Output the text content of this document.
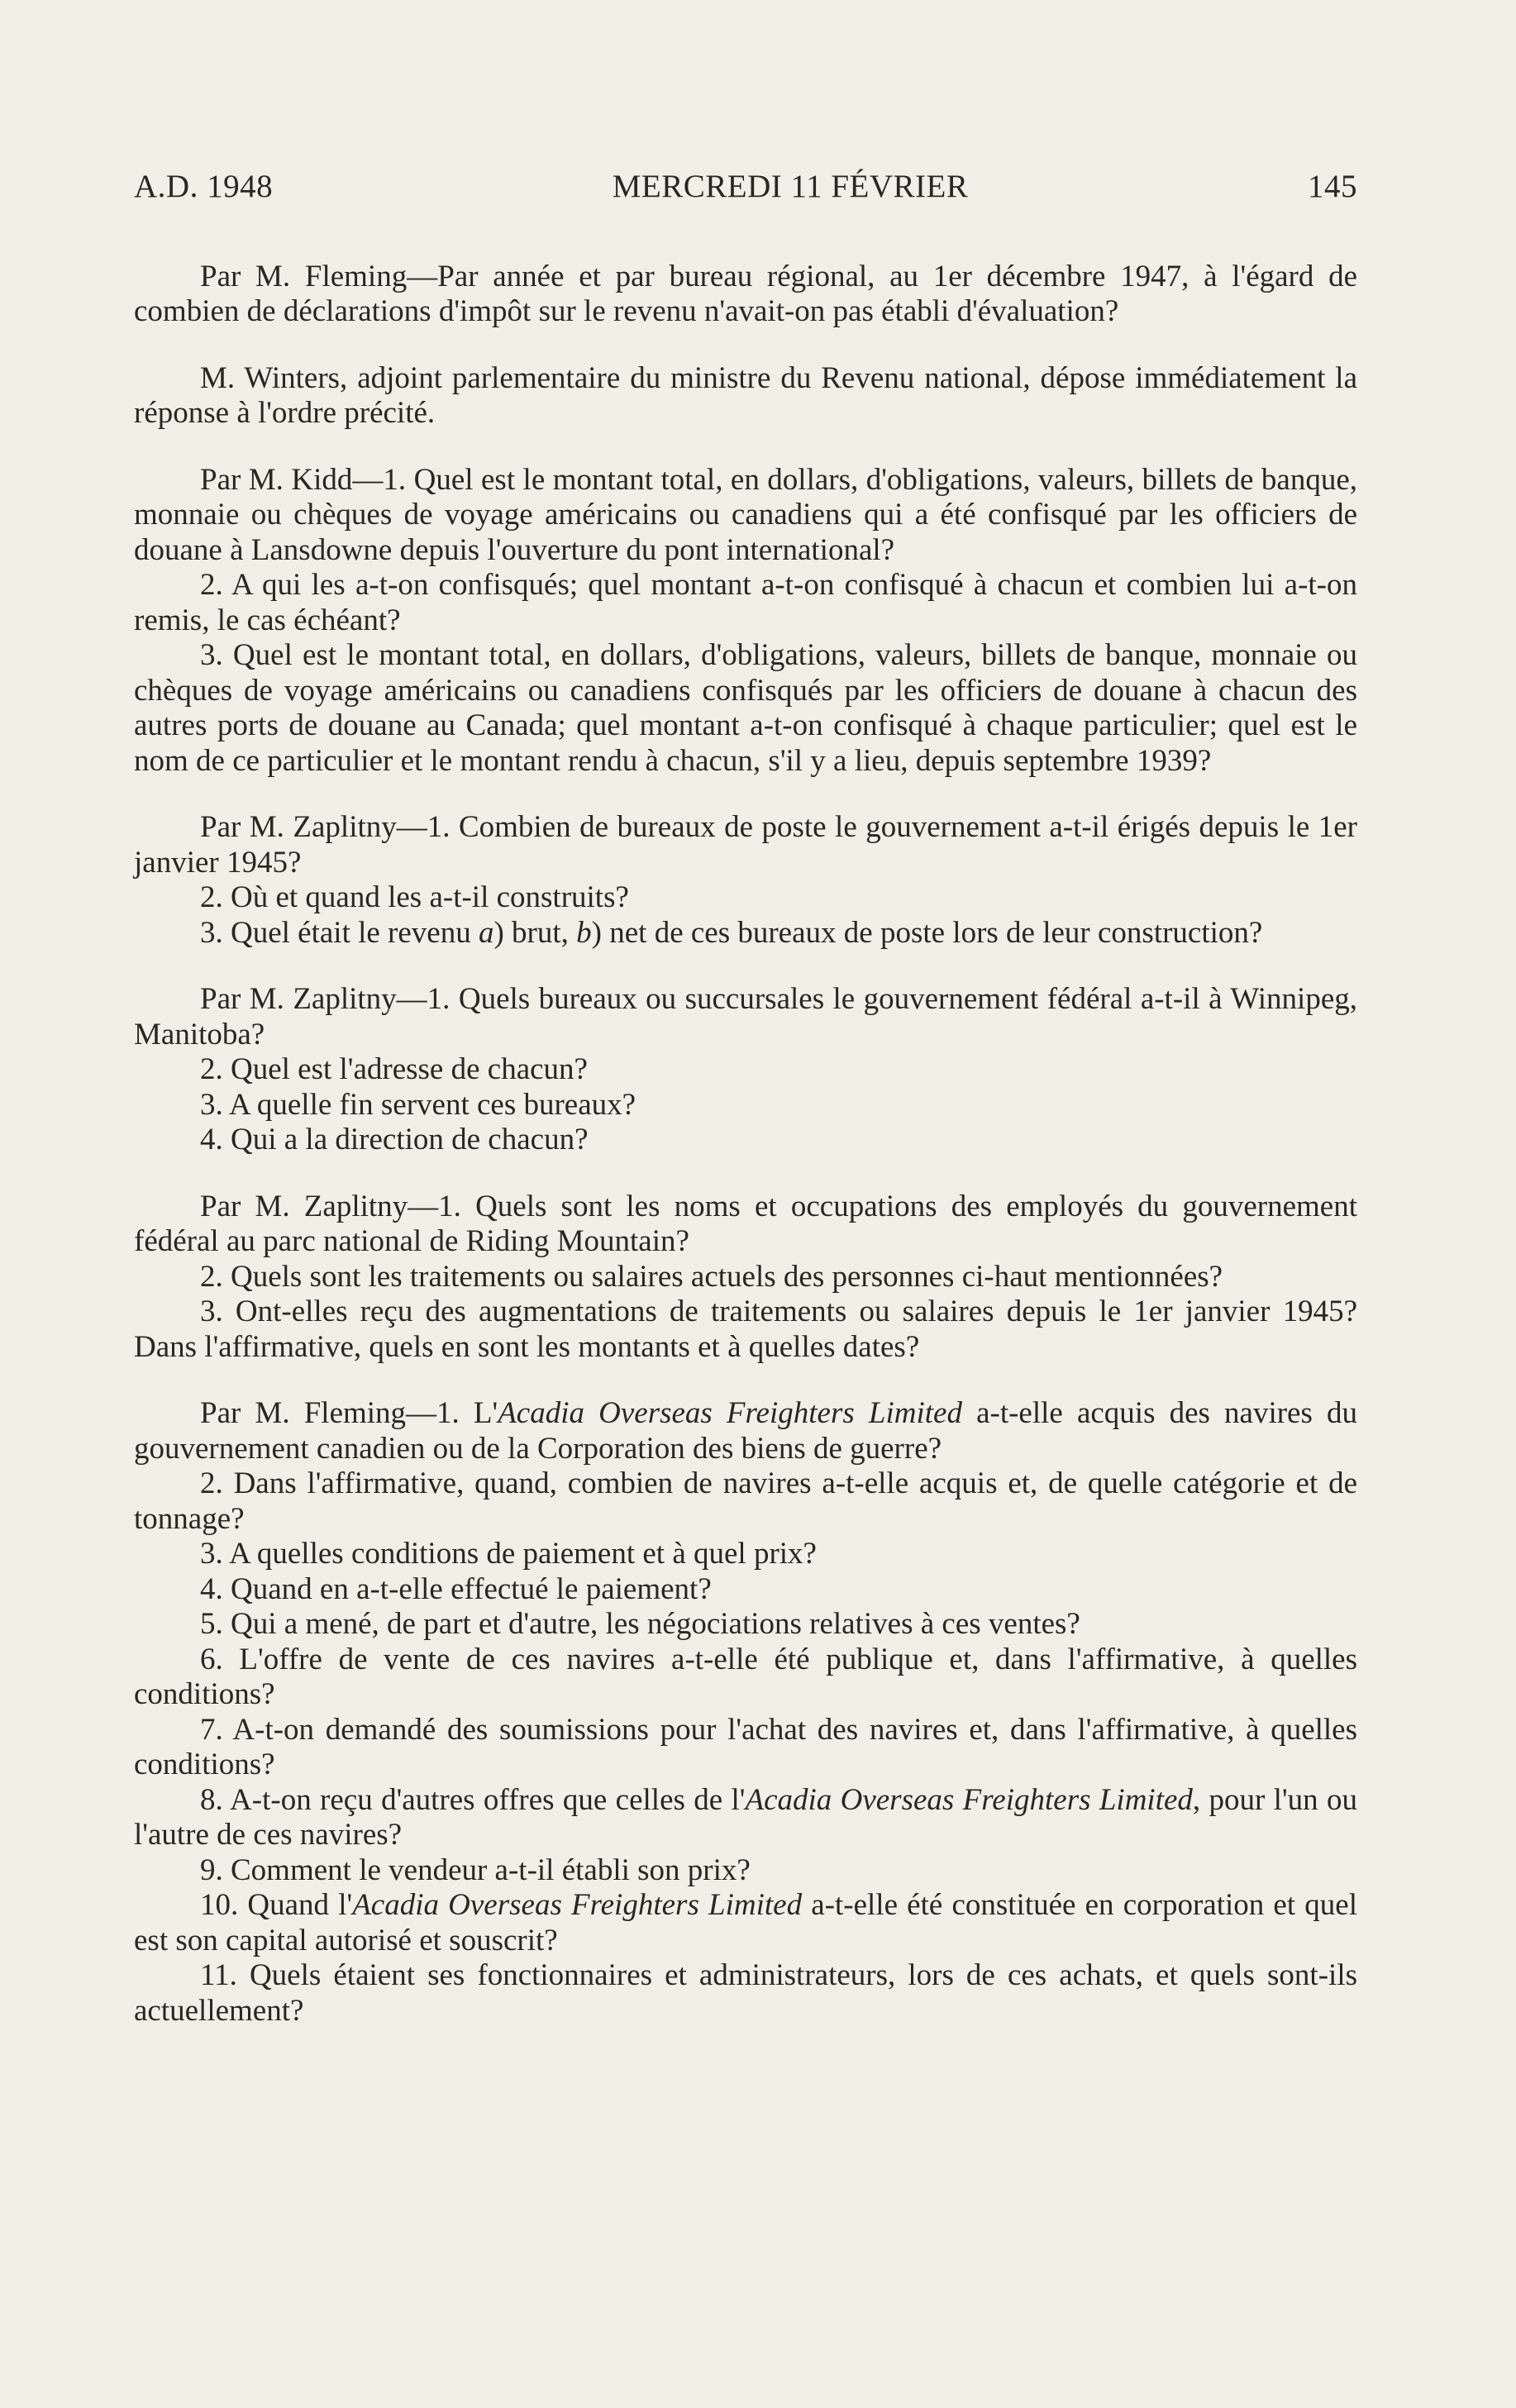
A.D. 1948	MERCREDI 11 FÉVRIER	145

Par M. Fleming—Par année et par bureau régional, au 1er décembre 1947, à l'égard de combien de déclarations d'impôt sur le revenu n'avait-on pas établi d'évaluation?

M. Winters, adjoint parlementaire du ministre du Revenu national, dépose immédiatement la réponse à l'ordre précité.

Par M. Kidd—1. Quel est le montant total, en dollars, d'obligations, valeurs, billets de banque, monnaie ou chèques de voyage américains ou canadiens qui a été confisqué par les officiers de douane à Lansdowne depuis l'ouverture du pont international?

2. A qui les a-t-on confisqués; quel montant a-t-on confisqué à chacun et combien lui a-t-on remis, le cas échéant?

3. Quel est le montant total, en dollars, d'obligations, valeurs, billets de banque, monnaie ou chèques de voyage américains ou canadiens confisqués par les officiers de douane à chacun des autres ports de douane au Canada; quel montant a-t-on confisqué à chaque particulier; quel est le nom de ce particulier et le montant rendu à chacun, s'il y a lieu, depuis septembre 1939?

Par M. Zaplitny—1. Combien de bureaux de poste le gouvernement a-t-il érigés depuis le 1er janvier 1945?

2. Où et quand les a-t-il construits?

3. Quel était le revenu a) brut, b) net de ces bureaux de poste lors de leur construction?

Par M. Zaplitny—1. Quels bureaux ou succursales le gouvernement fédéral a-t-il à Winnipeg, Manitoba?

2. Quel est l'adresse de chacun?

3. A quelle fin servent ces bureaux?

4. Qui a la direction de chacun?

Par M. Zaplitny—1. Quels sont les noms et occupations des employés du gouvernement fédéral au parc national de Riding Mountain?

2. Quels sont les traitements ou salaires actuels des personnes ci-haut mentionnées?

3. Ont-elles reçu des augmentations de traitements ou salaires depuis le 1er janvier 1945? Dans l'affirmative, quels en sont les montants et à quelles dates?

Par M. Fleming—1. L'Acadia Overseas Freighters Limited a-t-elle acquis des navires du gouvernement canadien ou de la Corporation des biens de guerre?

2. Dans l'affirmative, quand, combien de navires a-t-elle acquis et, de quelle catégorie et de tonnage?

3. A quelles conditions de paiement et à quel prix?

4. Quand en a-t-elle effectué le paiement?

5. Qui a mené, de part et d'autre, les négociations relatives à ces ventes?

6. L'offre de vente de ces navires a-t-elle été publique et, dans l'affirmative, à quelles conditions?

7. A-t-on demandé des soumissions pour l'achat des navires et, dans l'affirmative, à quelles conditions?

8. A-t-on reçu d'autres offres que celles de l'Acadia Overseas Freighters Limited, pour l'un ou l'autre de ces navires?

9. Comment le vendeur a-t-il établi son prix?

10. Quand l'Acadia Overseas Freighters Limited a-t-elle été constituée en corporation et quel est son capital autorisé et souscrit?

11. Quels étaient ses fonctionnaires et administrateurs, lors de ces achats, et quels sont-ils actuellement?
